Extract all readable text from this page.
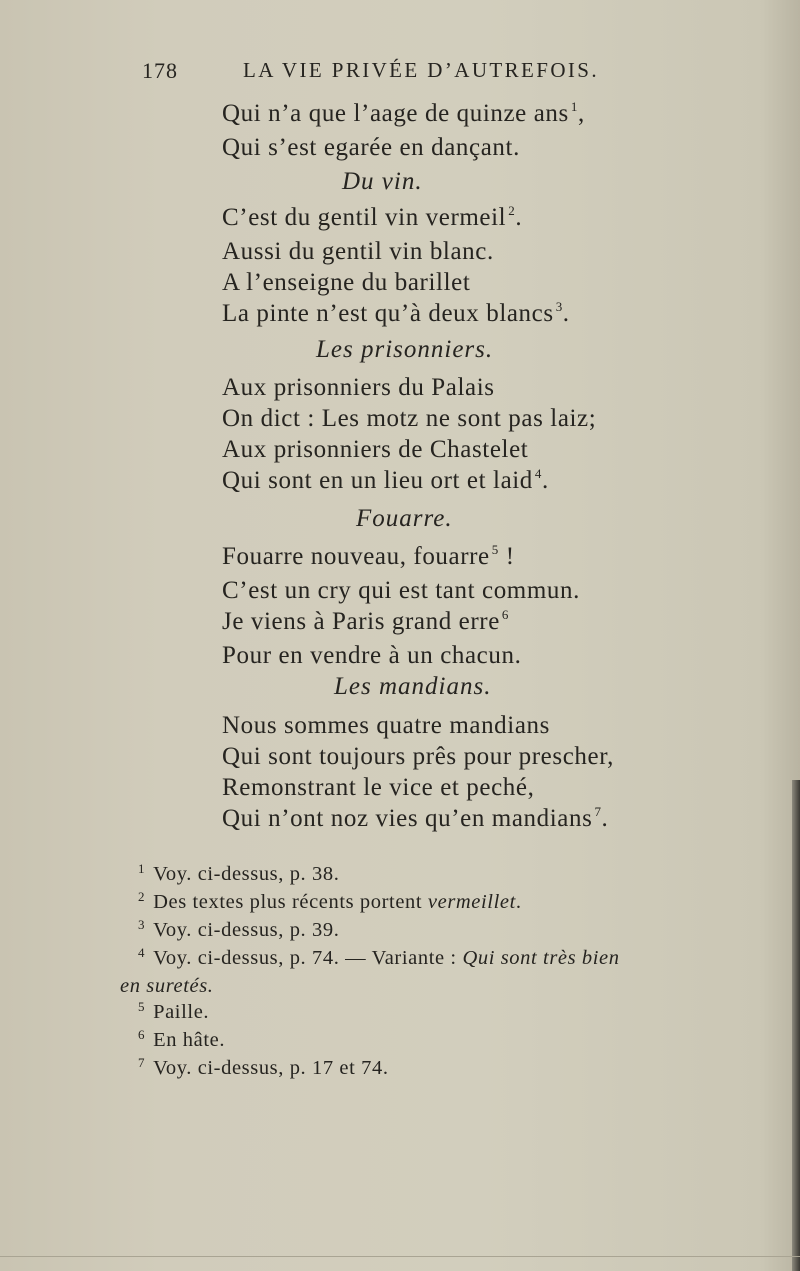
178	LA VIE PRIVÉE D’AUTREFOIS.
Qui n’a que l’aage de quinze ans $^1$,
Qui s’est egarée en dançant.
Du vin.
C’est du gentil vin vermeil $^2$.
Aussi du gentil vin blanc.
A l’enseigne du barillet
La pinte n’est qu’à deux blancs $^3$.
Les prisonniers.
Aux prisonniers du Palais
On dict : Les motz ne sont pas laiz;
Aux prisonniers de Chastelet
Qui sont en un lieu ort et laid $^4$.
Fouarre.
Fouarre nouveau, fouarre $^5$ !
C’est un cry qui est tant commun.
Je viens à Paris grand erre $^6$
Pour en vendre à un chacun.
Les mandians.
Nous sommes quatre mandians
Qui sont toujours prês pour prescher,
Remonstrant le vice et peché,
Qui n’ont noz vies qu’en mandians $^7$.
$^1$ Voy. ci-dessus, p. 38.
$^2$ Des textes plus récents portent vermeillet.
$^3$ Voy. ci-dessus, p. 39.
$^4$ Voy. ci-dessus, p. 74. — Variante : Qui sont très bien
en suretés.
$^5$ Paille.
$^6$ En hâte.
$^7$ Voy. ci-dessus, p. 17 et 74.
